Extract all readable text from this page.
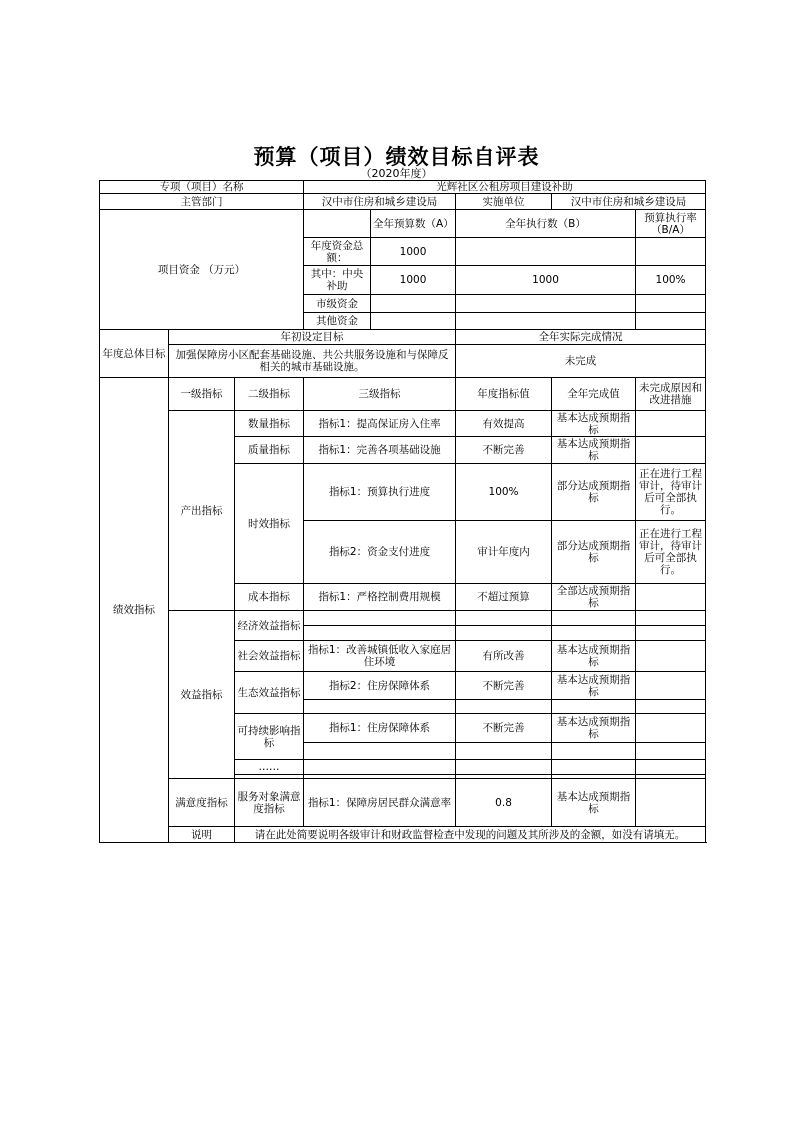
预算（项目）绩效目标自评表
（2020年度）
专项（项目）名称			光辉社区公租房项目建设补助				
主管部门			汉中市住房和城乡建设局		实施单位	汉中市住房和城乡建设局	
项目资金 （万元）				全年预算数（A）	全年执行数（B）		预算执行率（B/A）
			年度资金总额：	1000			
			其中：中央补助	1000	1000		100%
			市级资金				
			其他资金				
年度总体目标	年初设定目标				全年实际完成情况		
	加强保障房小区配套基础设施、共公共服务设施和与保障反相关的城市基础设施。				未完成		
绩效指标	一级指标	二级指标	三级指标		年度指标值	全年完成值	未完成原因和改进措施
	产出指标	数量指标	指标1：提高保证房入住率		有效提高	基本达成预期指标	
		质量指标	指标1：完善各项基础设施		不断完善	基本达成预期指标	
		时效指标	指标1：预算执行进度		100%	部分达成预期指标	正在进行工程审计，待审计后可全部执行。
			指标2：资金支付进度		审计年度内	部分达成预期指标	正在进行工程审计，待审计后可全部执行。
		成本指标	指标1：严格控制费用规模		不超过预算	全部达成预期指标	
	效益指标	经济效益指标					

		社会效益指标	指标1：改善城镇低收入家庭居住环境		有所改善	基本达成预期指标	
		生态效益指标	指标2：住房保障体系		不断完善	基本达成预期指标	

		可持续影响指标	指标1：住房保障体系		不断完善	基本达成预期指标	

		……					

	满意度指标	服务对象满意度指标	指标1：保障房居民群众满意率		0.8	基本达成预期指标	
	说明	请在此处简要说明各级审计和财政监督检查中发现的问题及其所涉及的金额，如没有请填无。					
